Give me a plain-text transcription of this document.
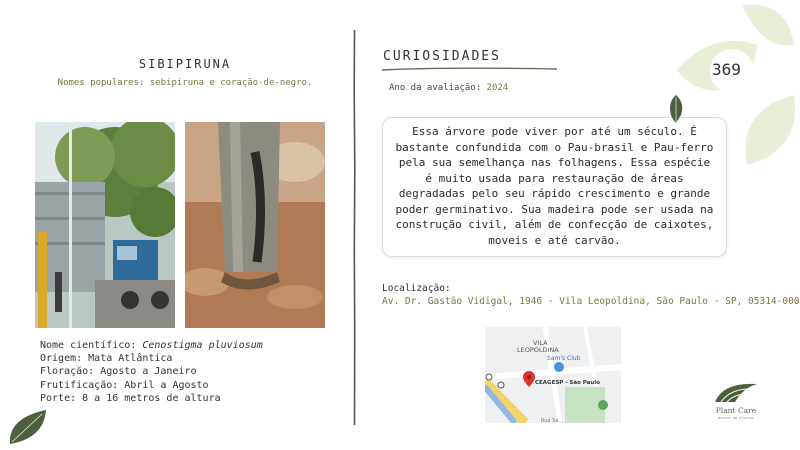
SIBIPIRUNA
Nomes populares: sebipiruna e coração-de-negro.
Nome científico: Cenostigma pluviosum
Origem: Mata Atlântica
Floração: Agosto a Janeiro
Frutificação: Abril a Agosto
Porte: 8 a 16 metros de altura
CURIOSIDADES
Ano da avaliação: 2024

Essa árvore pode viver por até um século. É bastante confundida com o Pau-brasil e Pau-ferro pela sua semelhança nas folhagens. Essa espécie é muito usada para restauração de áreas degradadas pelo seu rápido crescimento e grande poder germinativo. Sua madeira pode ser usada na construção civil, além de confecção de caixotes, moveis e até carvão.

Localização:
Av. Dr. Gastão Vidigal, 1946 - Vila Leopoldina, São Paulo - SP, 05314-000
VILA
LEOPOLDINA
Sam's Club
CEAGESP - São Paulo
Rua Sa...
369
Plant Care
acervo de plantas
